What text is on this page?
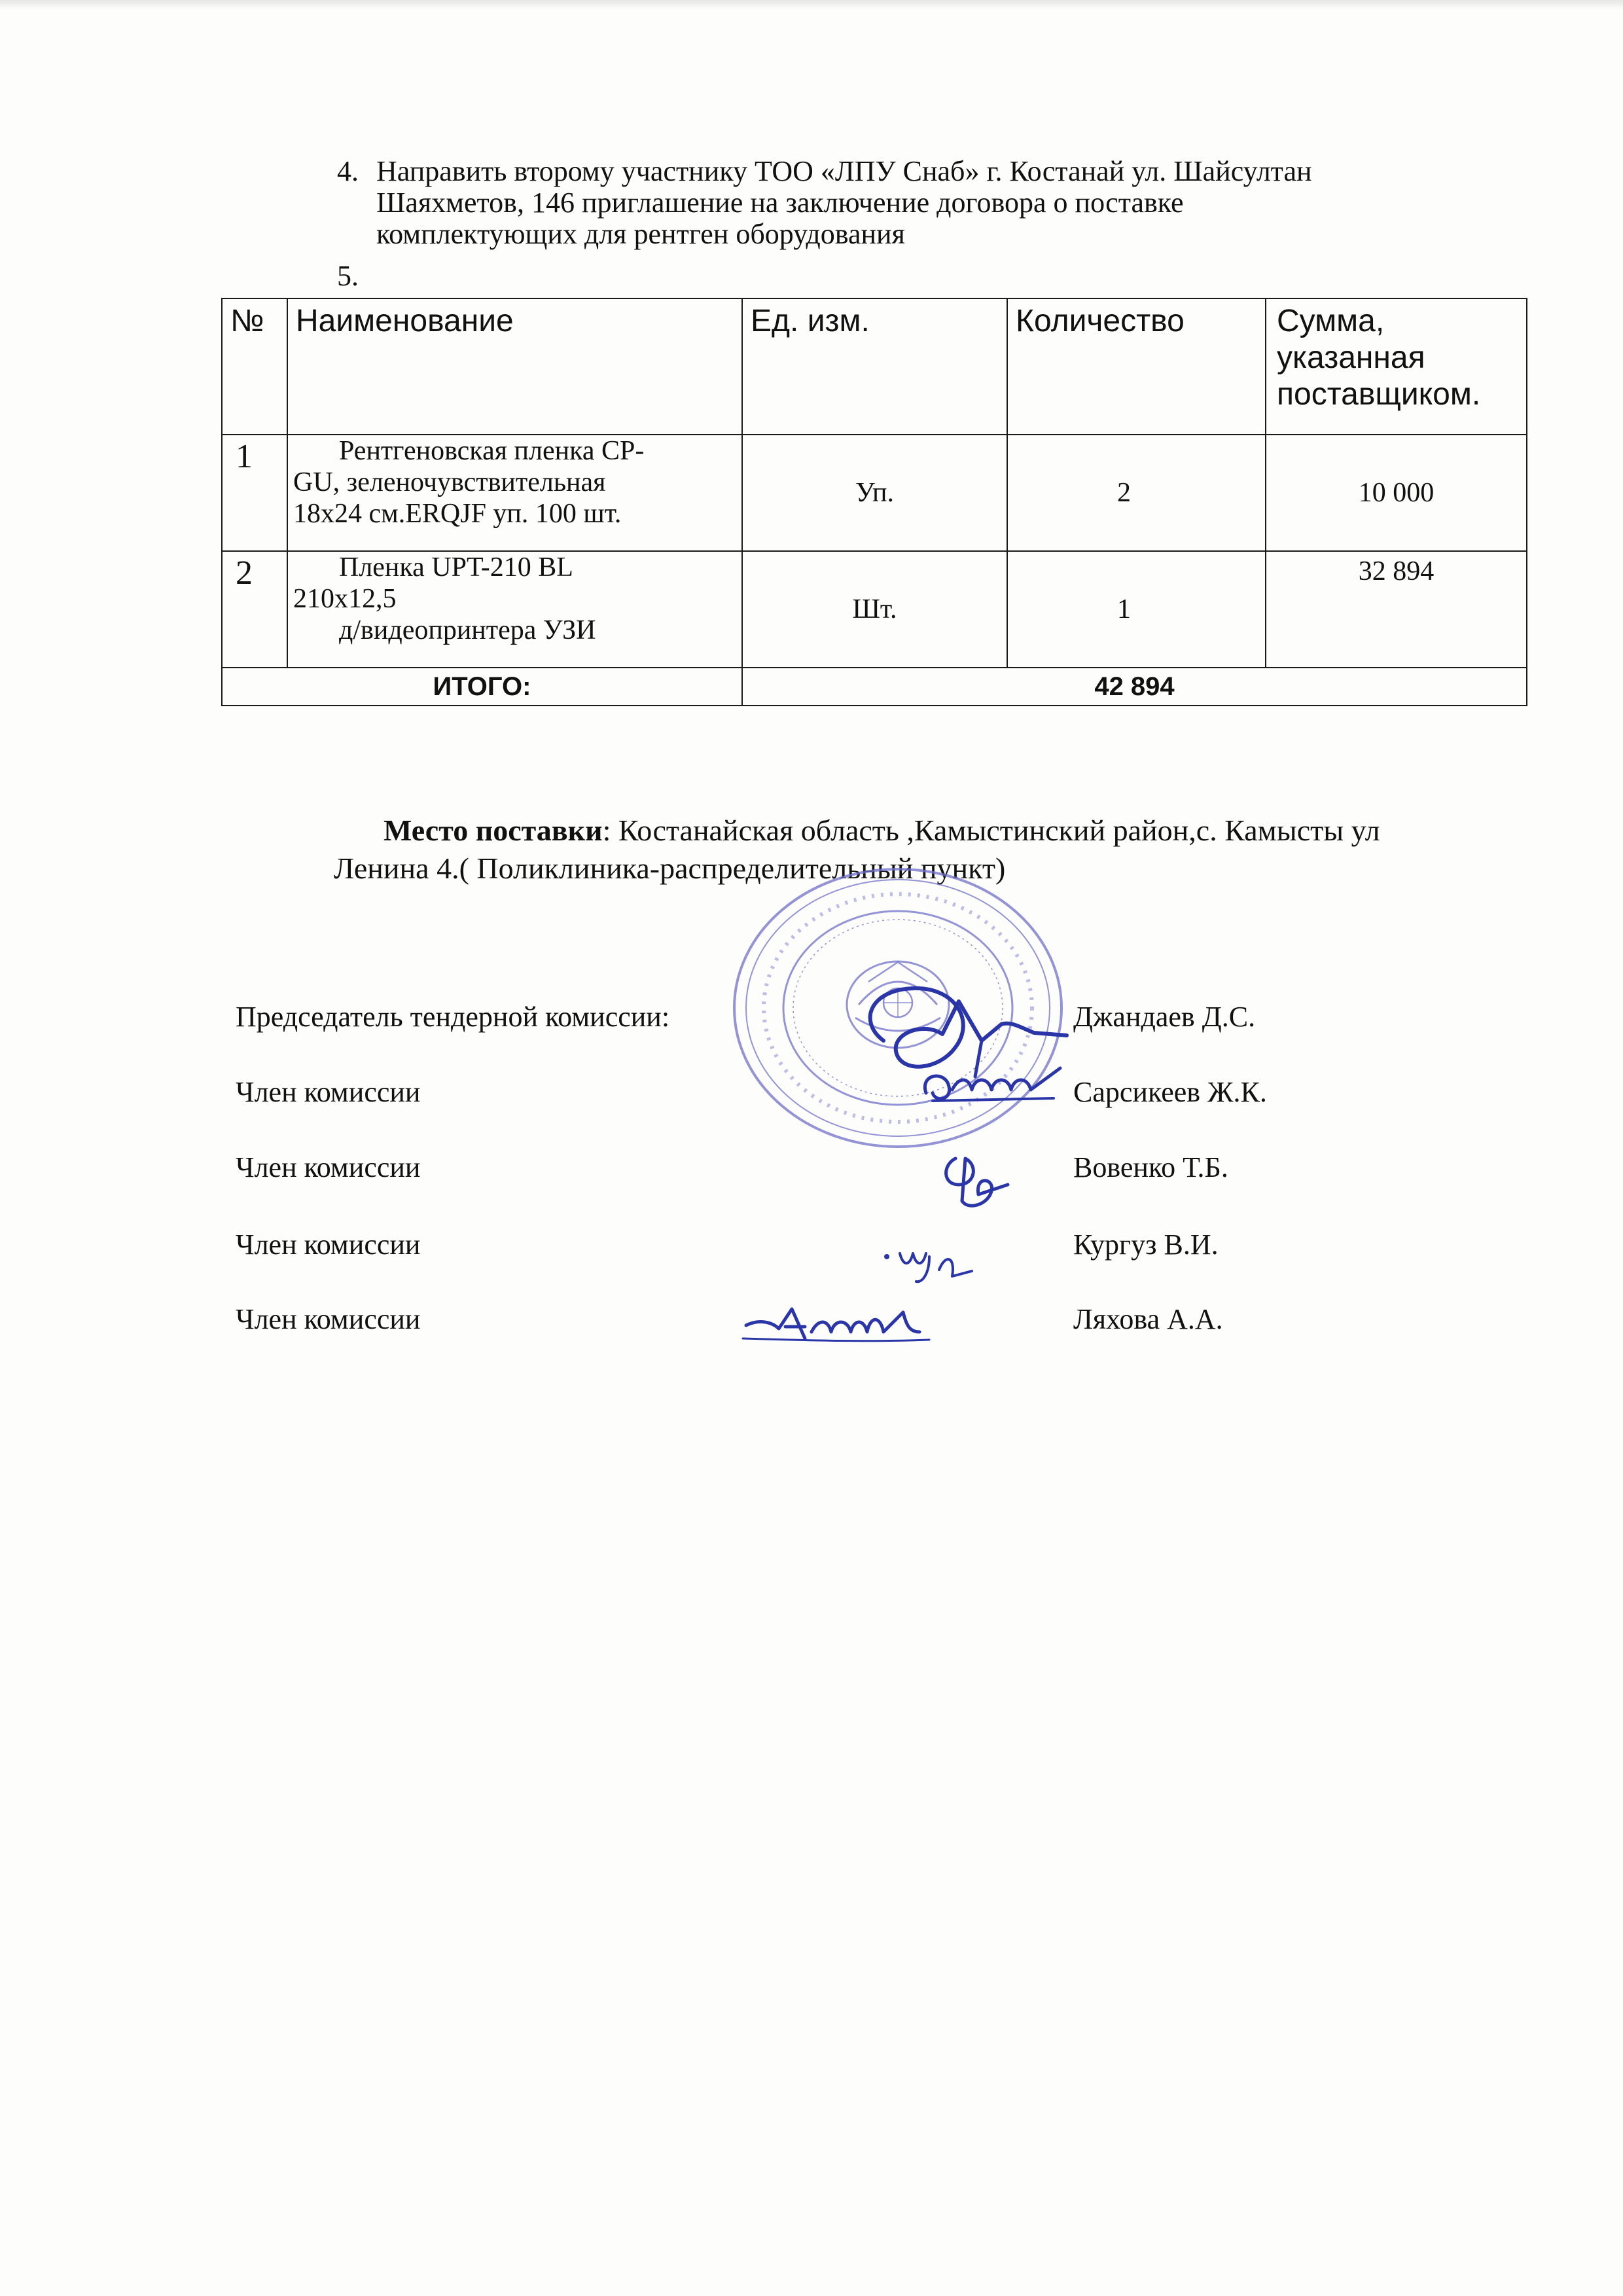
4. Направить второму участнику ТОО «ЛПУ Снаб» г. Костанай ул. Шайсултан
Шаяхметов, 146 приглашение на заключение договора о поставке
комплектующих для рентген оборудования
5.
№	Наименование	Ед. изм.	Количество	Сумма, указанная поставщиком.
1	Рентгеновская пленка СР-
GU, зеленочувствительная
18х24 см.ERQJF уп. 100 шт.	Уп.	2	10 000
2	Пленка UPT-210 BL
210х12,5
д/видеопринтера УЗИ	Шт.	1	32 894
ИТОГО:		42 894		
Место поставки: Костанайская область ,Камыстинский район,с. Камысты ул
Ленина 4.( Поликлиника-распределительный пункт)
Председатель тендерной комиссии:	Джандаев Д.С.
Член комиссии	Сарсикеев Ж.К.
Член комиссии	Вовенко Т.Б.
Член комиссии	Кургуз В.И.
Член комиссии	Ляхова А.А.
